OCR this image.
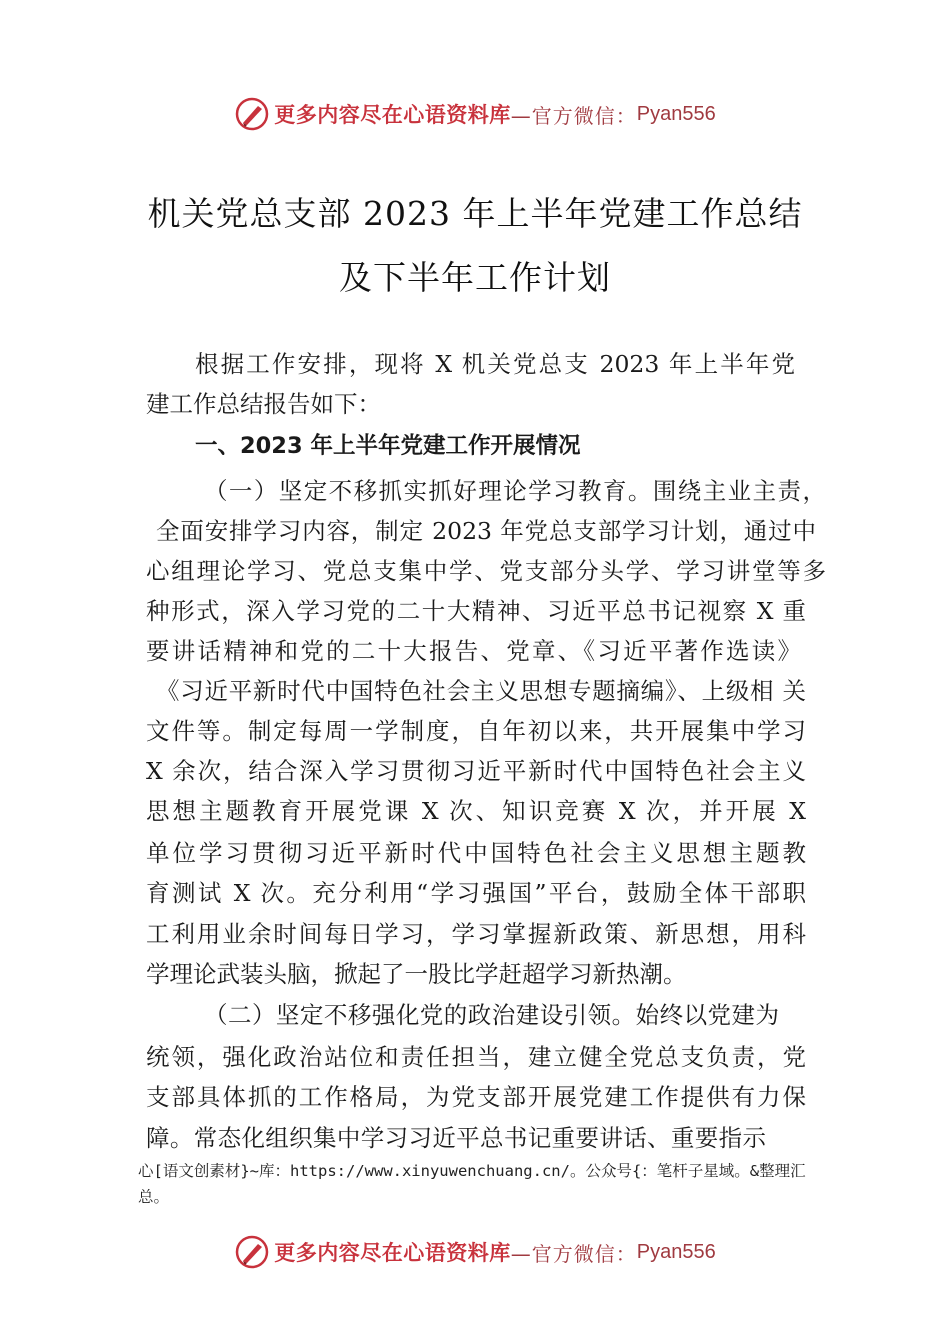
更多内容尽在心语资料库 —官方微信： Pyan556
机关党总支部 2023 年上半年党建工作总结
及下半年工作计划
根据工作安排，现将 X 机关党总支 2023 年上半年党
建工作总结报告如下：
一、2023 年上半年党建工作开展情况
（一）坚定不移抓实抓好理论学习教育。围绕主业主责，
全面安排学习内容，制定 2023 年党总支部学习计划，通过中
心组理论学习、党总支集中学、党支部分头学、学习讲堂等多
种形式，深入学习党的二十大精神、习近平总书记视察 X 重
要讲话精神和党的二十大报告、党章、《习近平著作选读》
《习近平新时代中国特色社会主义思想专题摘编》、上级相 关
文件等。制定每周一学制度，自年初以来，共开展集中学习
X 余次，结合深入学习贯彻习近平新时代中国特色社会主义
思想主题教育开展党课 X 次、知识竞赛 X 次，并开展 X
单位学习贯彻习近平新时代中国特色社会主义思想主题教
育测试 X 次。充分利用“学习强国”平台，鼓励全体干部职
工利用业余时间每日学习，学习掌握新政策、新思想，用科
学理论武装头脑，掀起了一股比学赶超学习新热潮。
（二）坚定不移强化党的政治建设引领。始终以党建为
统领，强化政治站位和责任担当，建立健全党总支负责，党
支部具体抓的工作格局，为党支部开展党建工作提供有力保
障。常态化组织集中学习习近平总书记重要讲话、重要指示
心[语文创素材}~库：https://www.xinyuwenchuang.cn/。公众号{：笔杆子星域。&整理汇
总。
更多内容尽在心语资料库 —官方微信： Pyan556
